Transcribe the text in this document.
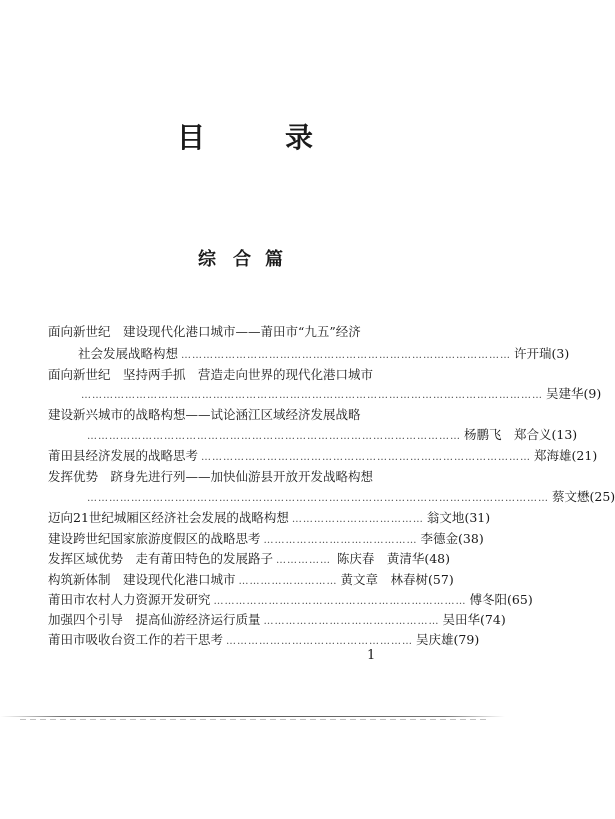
目	录
综 合 篇
面向新世纪　建设现代化港口城市——莆田市“九五”经济
社会发展战略构想 ……………………………………………………………………………… 许开瑞 (3)
面向新世纪　坚持两手抓　营造走向世界的现代化港口城市
……………………………………………………………………………………………………………… 吴建华 (9)
建设新兴城市的战略构想——试论涵江区域经济发展战略
………………………………………………………………………………………… 杨鹏飞　郑合义 (13)
莆田县经济发展的战略思考 ……………………………………………………………………………… 郑海雄 (21)
发挥优势　跻身先进行列——加快仙游县开放开发战略构想
……………………………………………………………………………………………………………… 蔡文懋 (25)
迈向21世纪城厢区经济社会发展的战略构想 ……………………………… 翁文地 (31)
建设跨世纪国家旅游度假区的战略思考 …………………………………… 李德金 (38)
发挥区域优势　走有莆田特色的发展路子 …………… 陈庆春　黄清华 (48)
构筑新体制　建设现代化港口城市 ……………………… 黄文章　林春树 (57)
莆田市农村人力资源开发研究 …………………………………………………………… 傅冬阳 (65)
加强四个引导　提高仙游经济运行质量 ………………………………………… 吴田华 (74)
莆田市吸收台资工作的若干思考 …………………………………………… 吴庆雄 (79)
1
